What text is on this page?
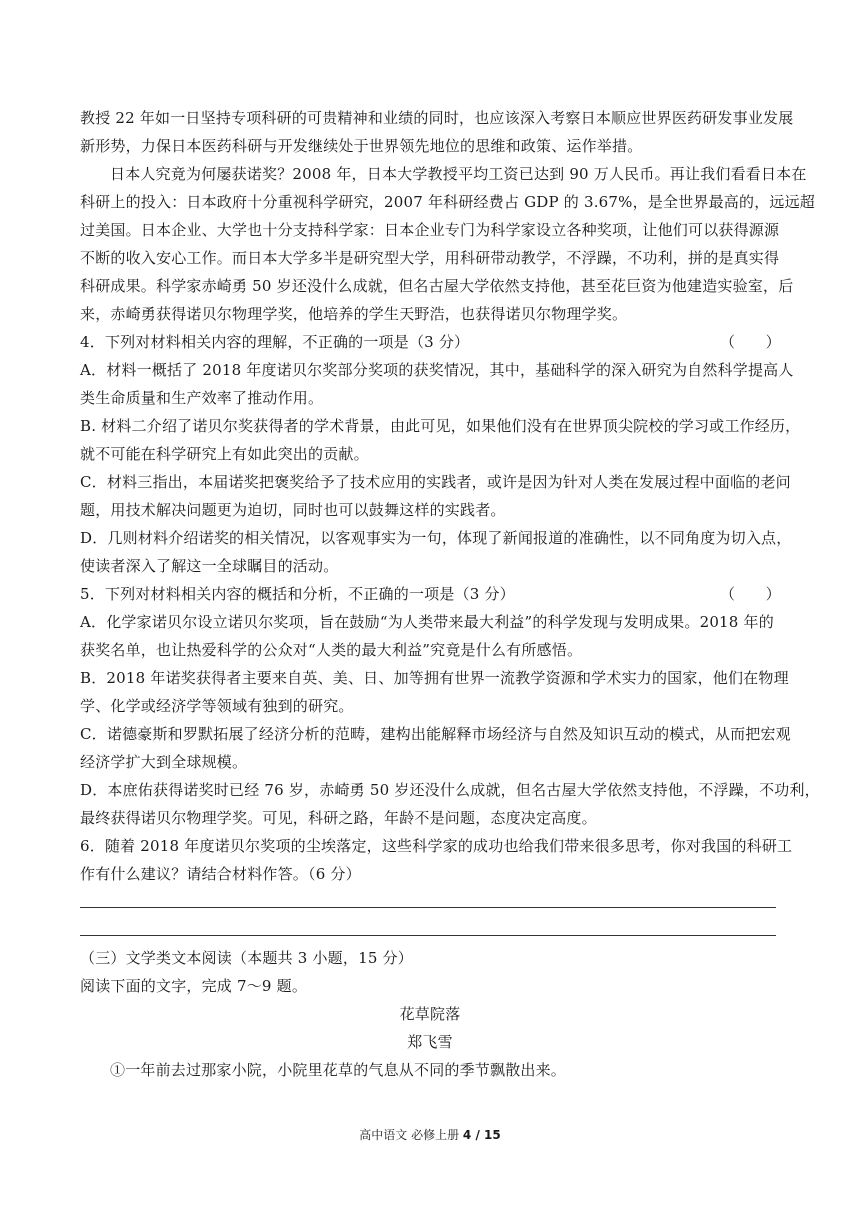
教授 22 年如一日坚持专项科研的可贵精神和业绩的同时，也应该深入考察日本顺应世界医药研发事业发展
新形势，力保日本医药科研与开发继续处于世界领先地位的思维和政策、运作举措。
日本人究竟为何屡获诺奖？2008 年，日本大学教授平均工资已达到 90 万人民币。再让我们看看日本在
科研上的投入：日本政府十分重视科学研究，2007 年科研经费占 GDP 的 3.67%，是全世界最高的，远远超
过美国。日本企业、大学也十分支持科学家：日本企业专门为科学家设立各种奖项，让他们可以获得源源
不断的收入安心工作。而日本大学多半是研究型大学，用科研带动教学，不浮躁，不功利，拼的是真实得
科研成果。科学家赤崎勇 50 岁还没什么成就，但名古屋大学依然支持他，甚至花巨资为他建造实验室，后
来，赤崎勇获得诺贝尔物理学奖，他培养的学生天野浩，也获得诺贝尔物理学奖。
4．下列对材料相关内容的理解，不正确的一项是（3 分）	（　　）
A．材料一概括了 2018 年度诺贝尔奖部分奖项的获奖情况，其中，基础科学的深入研究为自然科学提高人
类生命质量和生产效率了推动作用。
B. 材料二介绍了诺贝尔奖获得者的学术背景，由此可见，如果他们没有在世界顶尖院校的学习或工作经历，
就不可能在科学研究上有如此突出的贡献。
C．材料三指出，本届诺奖把褒奖给予了技术应用的实践者，或许是因为针对人类在发展过程中面临的老问
题，用技术解决问题更为迫切，同时也可以鼓舞这样的实践者。
D．几则材料介绍诺奖的相关情况，以客观事实为一句，体现了新闻报道的准确性，以不同角度为切入点，
使读者深入了解这一全球瞩目的活动。
5．下列对材料相关内容的概括和分析，不正确的一项是（3 分）	（　　）
A．化学家诺贝尔设立诺贝尔奖项，旨在鼓励“为人类带来最大利益”的科学发现与发明成果。2018 年的
获奖名单，也让热爱科学的公众对“人类的最大利益”究竟是什么有所感悟。
B．2018 年诺奖获得者主要来自英、美、日、加等拥有世界一流教学资源和学术实力的国家，他们在物理
学、化学或经济学等领域有独到的研究。
C．诺德豪斯和罗默拓展了经济分析的范畴，建构出能解释市场经济与自然及知识互动的模式，从而把宏观
经济学扩大到全球规模。
D．本庶佑获得诺奖时已经 76 岁，赤崎勇 50 岁还没什么成就，但名古屋大学依然支持他，不浮躁，不功利，
最终获得诺贝尔物理学奖。可见，科研之路，年龄不是问题，态度决定高度。
6．随着 2018 年度诺贝尔奖项的尘埃落定，这些科学家的成功也给我们带来很多思考，你对我国的科研工
作有什么建议？请结合材料作答。（6 分）
（三）文学类文本阅读（本题共 3 小题，15 分）
阅读下面的文字，完成 7～9 题。
花草院落
郑飞雪
①一年前去过那家小院，小院里花草的气息从不同的季节飘散出来。
高中语文 必修上册 4 / 15
